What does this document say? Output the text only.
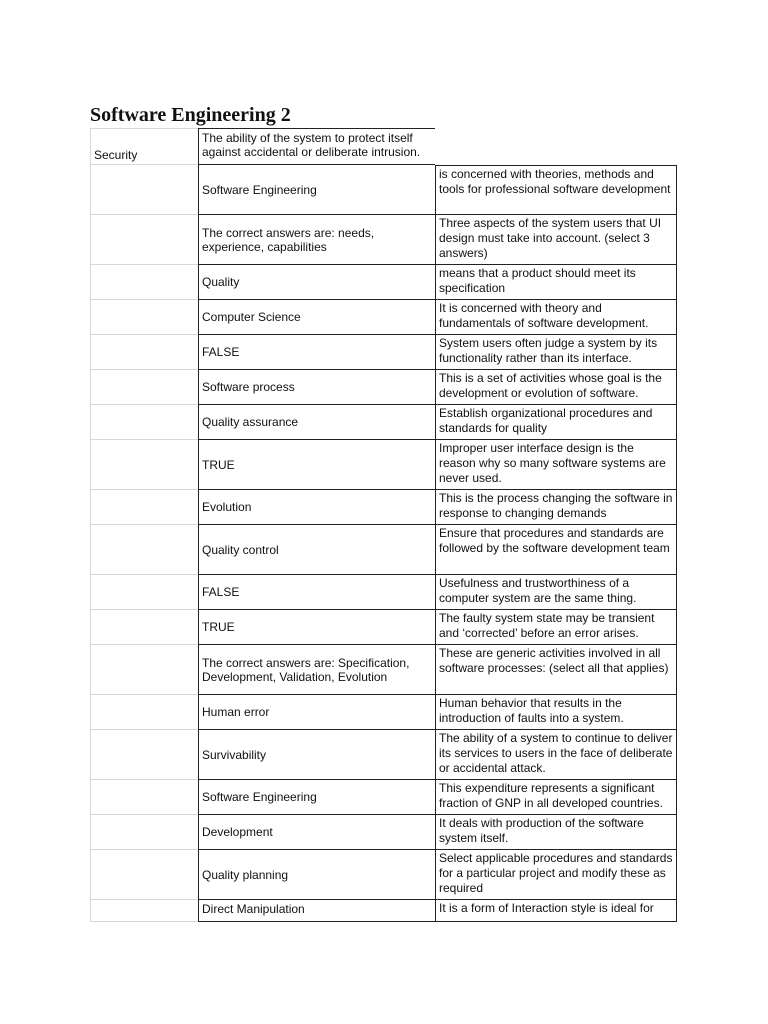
Software Engineering 2
Security
The ability of the system to protect itself against accidental or deliberate intrusion.
Software Engineering
is concerned with theories, methods and tools for professional software development
The correct answers are: needs, experience, capabilities
Three aspects of the system users that UI design must take into account. (select 3 answers)
Quality
means that a product should meet its specification
Computer Science
It is concerned with theory and fundamentals of software development.
FALSE
System users often judge a system by its functionality rather than its interface.
Software process
This is a set of activities whose goal is the development or evolution of software.
Quality assurance
Establish organizational procedures and standards for quality
TRUE
Improper user interface design is the reason why so many software systems are never used.
Evolution
This is the process changing the software in response to changing demands
Quality control
Ensure that procedures and standards are followed by the software development team
FALSE
Usefulness and trustworthiness of a computer system are the same thing.
TRUE
The faulty system state may be transient and ‘corrected’ before an error arises.
The correct answers are: Specification, Development, Validation, Evolution
These are generic activities involved in all software processes: (select all that applies)
Human error
Human behavior that results in the introduction of faults into a system.
Survivability
The ability of a system to continue to deliver its services to users in the face of deliberate or accidental attack.
Software Engineering
This expenditure represents a significant fraction of GNP in all developed countries.
Development
It deals with production of the software system itself.
Quality planning
Select applicable procedures and standards for a particular project and modify these as required
Direct Manipulation	It is a form of Interaction style is ideal for
